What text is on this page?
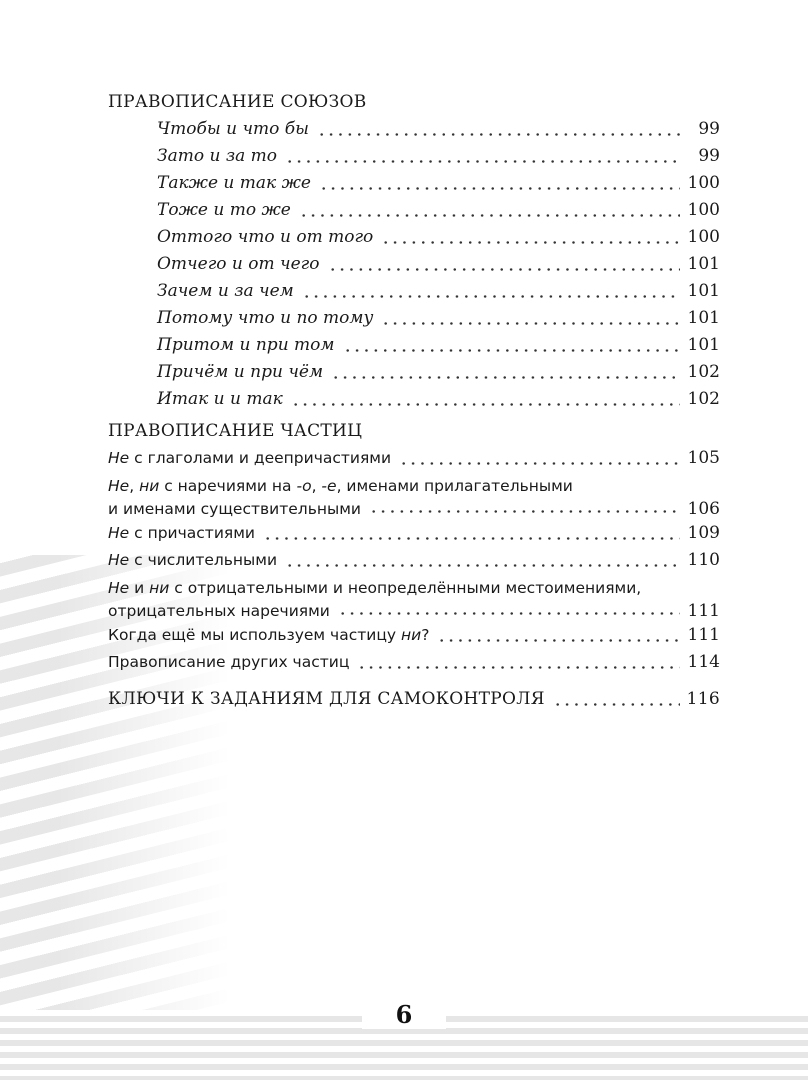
6
ПРАВОПИСАНИЕ СОЮЗОВ
Чтобы и что бы	99
Зато и за то	99
Также и так же	100
Тоже и то же	100
Оттого что и от того	100
Отчего и от чего	101
Зачем и за чем	101
Потому что и по тому	101
Притом и при том	101
Причём и при чём	102
Итак и и так	102
ПРАВОПИСАНИЕ ЧАСТИЦ
Не с глаголами и деепричастиями	105
Не, ни с наречиями на -о, -е, именами прилагательными
и именами существительными	106
Не с причастиями	109
Не с числительными	110
Не и ни с отрицательными и неопределёнными местоимениями,
отрицательных наречиями	111
Когда ещё мы используем частицу ни?	111
Правописание других частиц	114
КЛЮЧИ К ЗАДАНИЯМ ДЛЯ САМОКОНТРОЛЯ	116
